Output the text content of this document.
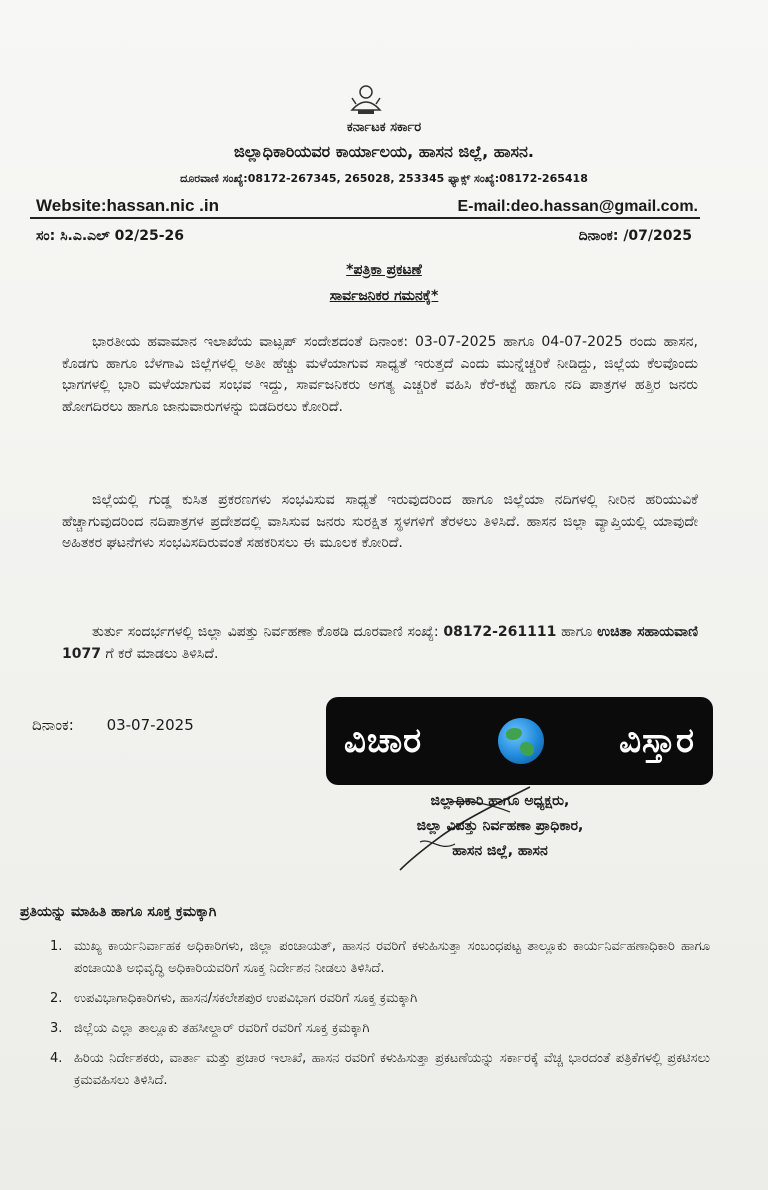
ಕರ್ನಾಟಕ ಸರ್ಕಾರ
ಜಿಲ್ಲಾಧಿಕಾರಿಯವರ ಕಾರ್ಯಾಲಯ, ಹಾಸನ ಜಿಲ್ಲೆ, ಹಾಸನ.
ದೂರವಾಣಿ ಸಂಖ್ಯೆ:08172-267345, 265028, 253345 ಫ್ಯಾಕ್ಸ್ ಸಂಖ್ಯೆ:08172-265418
Website:hassan.nic .in	E-mail:deo.hassan@gmail.com.
ಸಂ: ಸಿ.ಎ.ಎಲ್ 02/25-26	ದಿನಾಂಕ: /07/2025
*ಪತ್ರಿಕಾ ಪ್ರಕಟಣೆ
ಸಾರ್ವಜನಿಕರ ಗಮನಕ್ಕೆ*

ಭಾರತೀಯ ಹವಾಮಾನ ಇಲಾಖೆಯ ವಾಟ್ಸಪ್ ಸಂದೇಶದಂತೆ ದಿನಾಂಕ: 03-07-2025 ಹಾಗೂ 04-07-2025 ರಂದು ಹಾಸನ, ಕೊಡಗು ಹಾಗೂ ಬೆಳಗಾವಿ ಜಿಲ್ಲೆಗಳಲ್ಲಿ ಅತೀ ಹೆಚ್ಚು ಮಳೆಯಾಗುವ ಸಾಧ್ಯತೆ ಇರುತ್ತದೆ ಎಂದು ಮುನ್ನೆಚ್ಚರಿಕೆ ನೀಡಿದ್ದು, ಜಿಲ್ಲೆಯ ಕೆಲವೊಂದು ಭಾಗಗಳಲ್ಲಿ ಭಾರಿ ಮಳೆಯಾಗುವ ಸಂಭವ ಇದ್ದು, ಸಾರ್ವಜನಿಕರು ಅಗತ್ಯ ಎಚ್ಚರಿಕೆ ವಹಿಸಿ ಕೆರೆ-ಕಟ್ಟೆ ಹಾಗೂ ನದಿ ಪಾತ್ರಗಳ ಹತ್ತಿರ ಜನರು ಹೋಗದಿರಲು ಹಾಗೂ ಜಾನುವಾರುಗಳನ್ನು ಬಿಡದಿರಲು ಕೋರಿದೆ.

ಜಿಲ್ಲೆಯಲ್ಲಿ ಗುಡ್ಡ ಕುಸಿತ ಪ್ರಕರಣಗಳು ಸಂಭವಿಸುವ ಸಾಧ್ಯತೆ ಇರುವುದರಿಂದ ಹಾಗೂ ಜಿಲ್ಲೆಯಾ ನದಿಗಳಲ್ಲಿ ನೀರಿನ ಹರಿಯುವಿಕೆ ಹೆಚ್ಚಾಗುವುದರಿಂದ ನದಿಪಾತ್ರಗಳ ಪ್ರದೇಶದಲ್ಲಿ ವಾಸಿಸುವ ಜನರು ಸುರಕ್ಷಿತ ಸ್ಥಳಗಳಿಗೆ ತೆರಳಲು ತಿಳಿಸಿದೆ. ಹಾಸನ ಜಿಲ್ಲಾ ವ್ಯಾಪ್ತಿಯಲ್ಲಿ ಯಾವುದೇ ಅಹಿತಕರ ಘಟನೆಗಳು ಸಂಭವಿಸದಿರುವಂತೆ ಸಹಕರಿಸಲು ಈ ಮೂಲಕ ಕೋರಿದೆ.

ತುರ್ತು ಸಂದರ್ಭಗಳಲ್ಲಿ ಜಿಲ್ಲಾ ವಿಪತ್ತು ನಿರ್ವಹಣಾ ಕೊಠಡಿ ದೂರವಾಣಿ ಸಂಖ್ಯೆ: 08172-261111 ಹಾಗೂ ಉಚಿತಾ ಸಹಾಯವಾಣಿ 1077 ಗೆ ಕರೆ ಮಾಡಲು ತಿಳಿಸಿದೆ.

ದಿನಾಂಕ: 03-07-2025	ವಿಚಾರ	ವಿಸ್ತಾರ
ಜಿಲ್ಲಾಧಿಕಾರಿ ಹಾಗೂ ಅಧ್ಯಕ್ಷರು,
ಜಿಲ್ಲಾ ವಿಪತ್ತು ನಿರ್ವಹಣಾ ಪ್ರಾಧಿಕಾರ,
ಹಾಸನ ಜಿಲ್ಲೆ, ಹಾಸನ
ಪ್ರತಿಯನ್ನು ಮಾಹಿತಿ ಹಾಗೂ ಸೂಕ್ತ ಕ್ರಮಕ್ಕಾಗಿ
1. ಮುಖ್ಯ ಕಾರ್ಯನಿರ್ವಾಹಕ ಅಧಿಕಾರಿಗಳು, ಜಿಲ್ಲಾ ಪಂಚಾಯತ್, ಹಾಸನ ರವರಿಗೆ ಕಳುಹಿಸುತ್ತಾ ಸಂಬಂಧಪಟ್ಟ ತಾಲ್ಲೂಕು ಕಾರ್ಯನಿರ್ವಹಣಾಧಿಕಾರಿ ಹಾಗೂ ಪಂಚಾಯಿತಿ ಅಭಿವೃದ್ಧಿ ಅಧಿಕಾರಿಯವರಿಗೆ ಸೂಕ್ತ ನಿರ್ದೇಶನ ನೀಡಲು ತಿಳಿಸಿದೆ.
2. ಉಪವಿಭಾಗಾಧಿಕಾರಿಗಳು, ಹಾಸನ/ಸಕಲೇಶಪುರ ಉಪವಿಭಾಗ ರವರಿಗೆ ಸೂಕ್ತ ಕ್ರಮಕ್ಕಾಗಿ
3. ಜಿಲ್ಲೆಯ ಎಲ್ಲಾ ತಾಲ್ಲೂಕು ತಹಸೀಲ್ದಾರ್ ರವರಿಗೆ ರವರಿಗೆ ಸೂಕ್ತ ಕ್ರಮಕ್ಕಾಗಿ
4. ಹಿರಿಯ ನಿರ್ದೇಶಕರು, ವಾರ್ತಾ ಮತ್ತು ಪ್ರಚಾರ ಇಲಾಖೆ, ಹಾಸನ ರವರಿಗೆ ಕಳುಹಿಸುತ್ತಾ ಪ್ರಕಟಣೆಯನ್ನು ಸರ್ಕಾರಕ್ಕೆ ವೆಚ್ಚ ಭಾರದಂತೆ ಪತ್ರಿಕೆಗಳಲ್ಲಿ ಪ್ರಕಟಿಸಲು ಕ್ರಮವಹಿಸಲು ತಿಳಿಸಿದೆ.
